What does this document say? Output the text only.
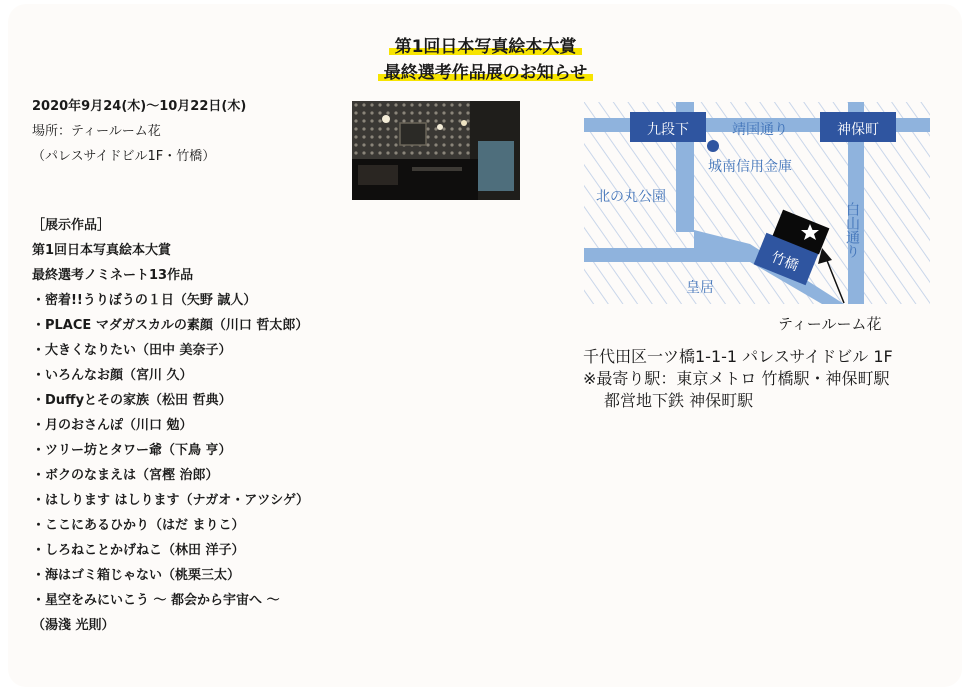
第1回日本写真絵本大賞
最終選考作品展のお知らせ
2020年9月24(木)〜10月22日(木)
場所：ティールーム花
（パレスサイドビル1F・竹橋）
［展示作品］
第1回日本写真絵本大賞
最終選考ノミネート13作品
・密着!!うりぼうの１日（矢野 誠人）
・PLACE マダガスカルの素顔（川口 哲太郎）
・大きくなりたい（田中 美奈子）
・いろんなお顔（宮川 久）
・Duffyとその家族（松田 哲典）
・月のおさんぽ（川口 勉）
・ツリー坊とタワー爺（下鳥 亨）
・ボクのなまえは（宮樫 治郎）
・はしります はしります（ナガオ・アツシゲ）
・ここにあるひかり（はだ まりこ）
・しろねことかげねこ（林田 洋子）
・海はゴミ箱じゃない（桃栗三太）
・星空をみにいこう 〜 都会から宇宙へ 〜
（湯淺 光則）
九段下	靖国通り	神保町
城南信用金庫
北の丸公園
白山通り
竹橋
皇居
ティールーム花
千代田区一ツ橋1-1-1 パレスサイドビル 1F
※最寄り駅：東京メトロ 竹橋駅・神保町駅
都営地下鉄 神保町駅
